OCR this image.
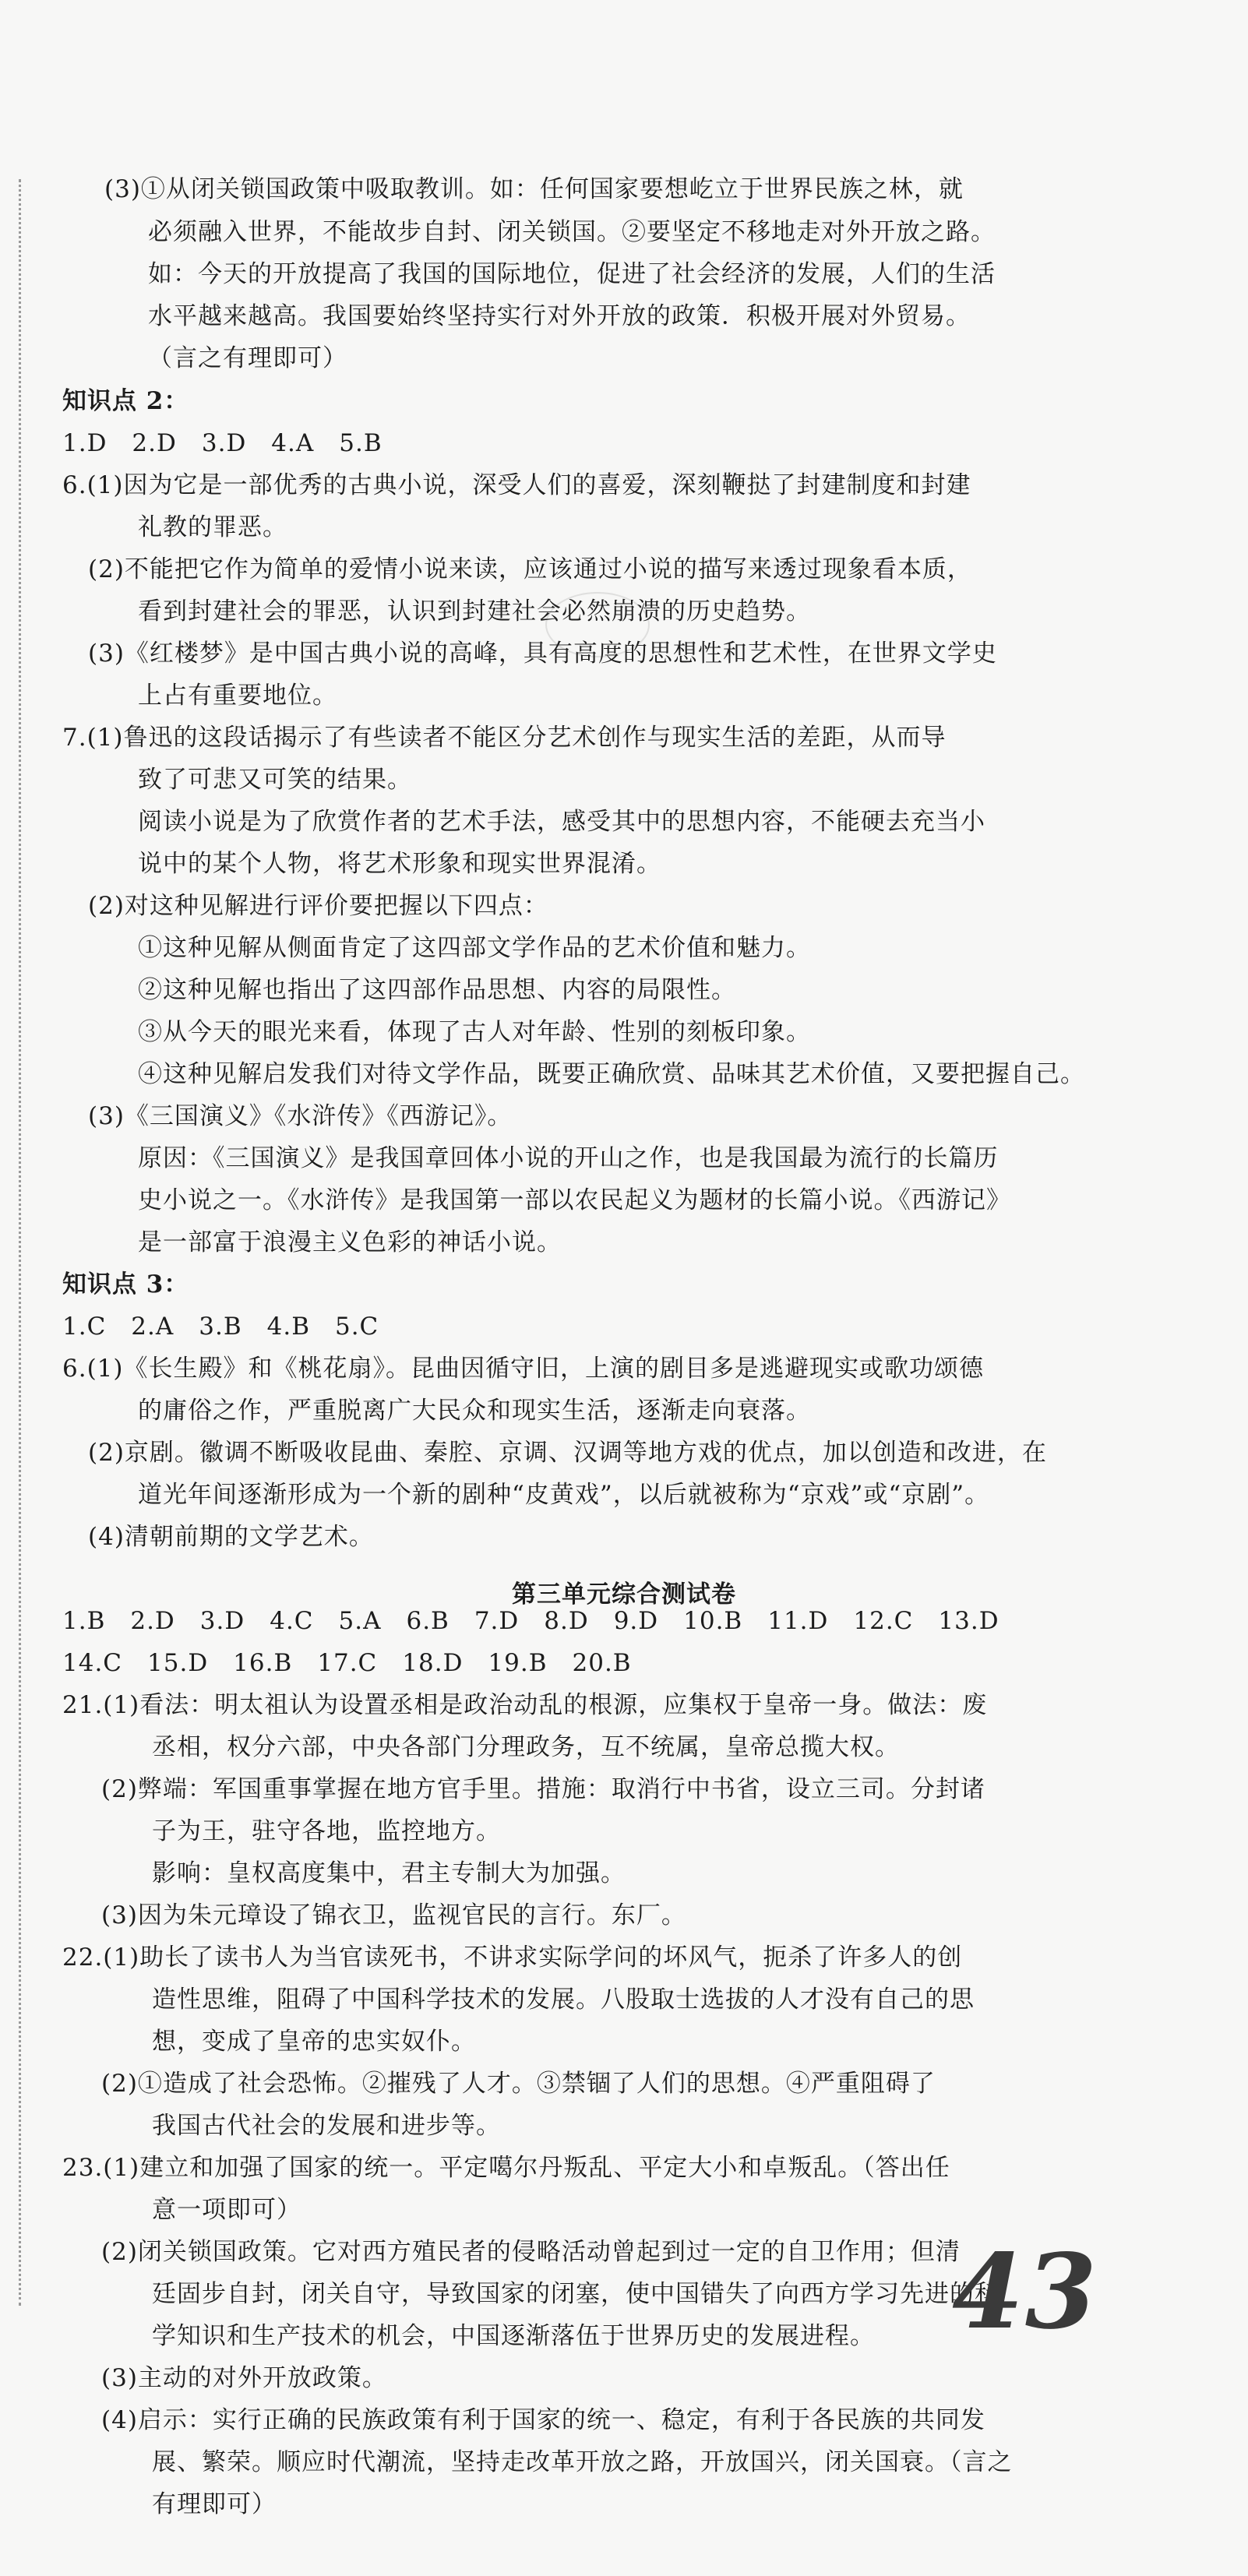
(3)①从闭关锁国政策中吸取教训。如：任何国家要想屹立于世界民族之林，就
必须融入世界，不能故步自封、闭关锁国。②要坚定不移地走对外开放之路。
如：今天的开放提高了我国的国际地位，促进了社会经济的发展，人们的生活
水平越来越高。我国要始终坚持实行对外开放的政策．积极开展对外贸易。
（言之有理即可）
知识点 2：
1.D　2.D　3.D　4.A　5.B
6.(1)因为它是一部优秀的古典小说，深受人们的喜爱，深刻鞭挞了封建制度和封建
礼教的罪恶。
(2)不能把它作为简单的爱情小说来读，应该通过小说的描写来透过现象看本质，
看到封建社会的罪恶，认识到封建社会必然崩溃的历史趋势。
(3)《红楼梦》是中国古典小说的高峰，具有高度的思想性和艺术性，在世界文学史
上占有重要地位。
7.(1)鲁迅的这段话揭示了有些读者不能区分艺术创作与现实生活的差距，从而导
致了可悲又可笑的结果。
阅读小说是为了欣赏作者的艺术手法，感受其中的思想内容，不能硬去充当小
说中的某个人物，将艺术形象和现实世界混淆。
(2)对这种见解进行评价要把握以下四点：
①这种见解从侧面肯定了这四部文学作品的艺术价值和魅力。
②这种见解也指出了这四部作品思想、内容的局限性。
③从今天的眼光来看，体现了古人对年龄、性别的刻板印象。
④这种见解启发我们对待文学作品，既要正确欣赏、品味其艺术价值，又要把握自己。
(3)《三国演义》《水浒传》《西游记》。
原因：《三国演义》是我国章回体小说的开山之作，也是我国最为流行的长篇历
史小说之一。《水浒传》是我国第一部以农民起义为题材的长篇小说。《西游记》
是一部富于浪漫主义色彩的神话小说。
知识点 3：
1.C　2.A　3.B　4.B　5.C
6.(1)《长生殿》和《桃花扇》。昆曲因循守旧，上演的剧目多是逃避现实或歌功颂德
的庸俗之作，严重脱离广大民众和现实生活，逐渐走向衰落。
(2)京剧。徽调不断吸收昆曲、秦腔、京调、汉调等地方戏的优点，加以创造和改进，在
道光年间逐渐形成为一个新的剧种“皮黄戏”，以后就被称为“京戏”或“京剧”。
(4)清朝前期的文学艺术。
1.B　2.D　3.D　4.C　5.A　6.B　7.D　8.D　9.D　10.B　11.D　12.C　13.D
14.C　15.D　16.B　17.C　18.D　19.B　20.B
21.(1)看法：明太祖认为设置丞相是政治动乱的根源，应集权于皇帝一身。做法：废
丞相，权分六部，中央各部门分理政务，互不统属，皇帝总揽大权。
(2)弊端：军国重事掌握在地方官手里。措施：取消行中书省，设立三司。分封诸
子为王，驻守各地，监控地方。
影响：皇权高度集中，君主专制大为加强。
(3)因为朱元璋设了锦衣卫，监视官民的言行。东厂。
22.(1)助长了读书人为当官读死书，不讲求实际学问的坏风气，扼杀了许多人的创
造性思维，阻碍了中国科学技术的发展。八股取士选拔的人才没有自己的思
想，变成了皇帝的忠实奴仆。
(2)①造成了社会恐怖。②摧残了人才。③禁锢了人们的思想。④严重阻碍了
我国古代社会的发展和进步等。
23.(1)建立和加强了国家的统一。平定噶尔丹叛乱、平定大小和卓叛乱。（答出任
意一项即可）
(2)闭关锁国政策。它对西方殖民者的侵略活动曾起到过一定的自卫作用；但清
廷固步自封，闭关自守，导致国家的闭塞，使中国错失了向西方学习先进的科
学知识和生产技术的机会，中国逐渐落伍于世界历史的发展进程。
(3)主动的对外开放政策。
(4)启示：实行正确的民族政策有利于国家的统一、稳定，有利于各民族的共同发
展、繁荣。顺应时代潮流，坚持走改革开放之路，开放国兴，闭关国衰。（言之
有理即可）
第三单元综合测试卷
43
